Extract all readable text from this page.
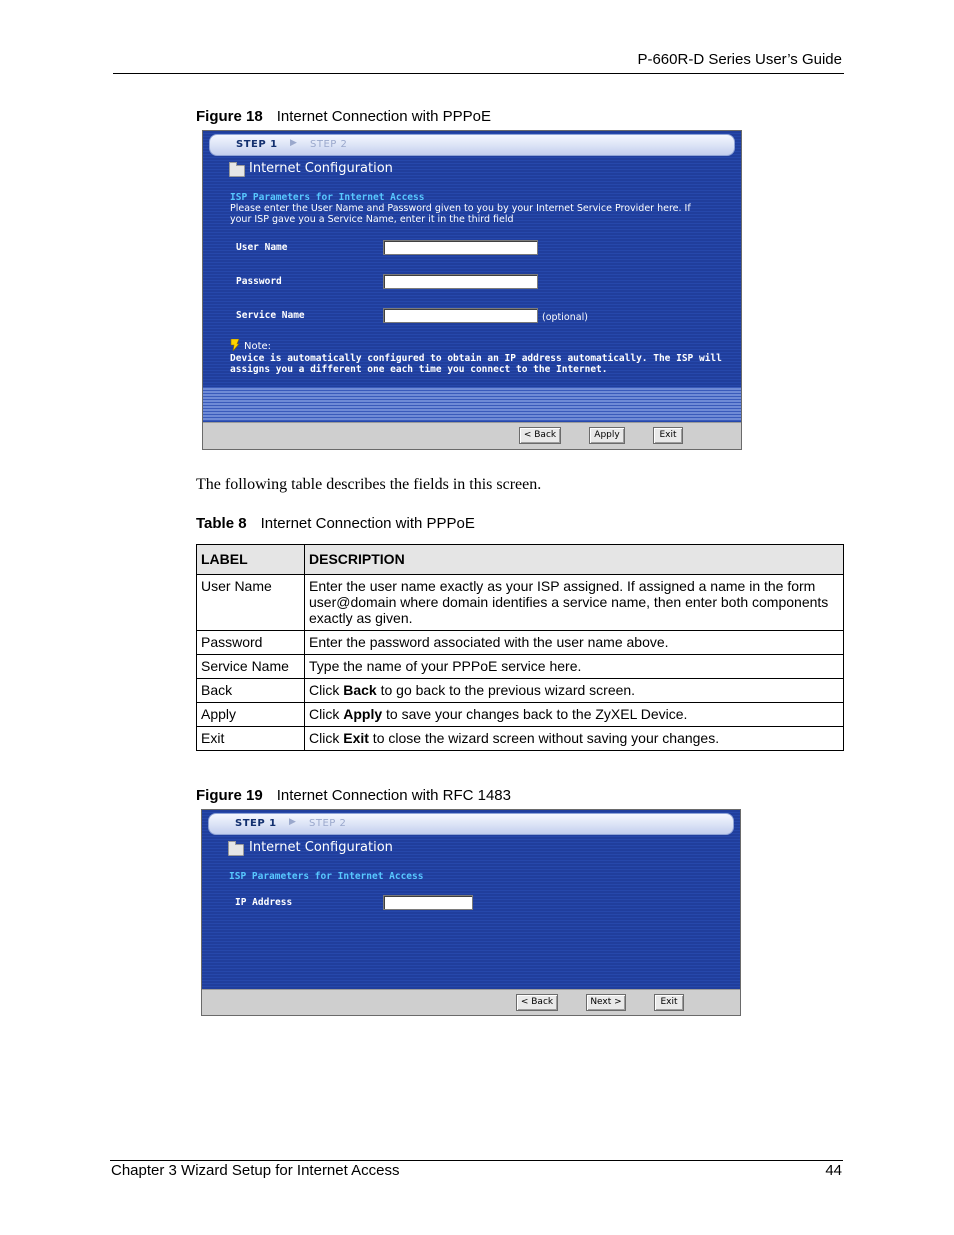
P-660R-D Series User’s Guide
Figure 18 Internet Connection with PPPoE
STEP 1 ▶ STEP 2
Internet Configuration
ISP Parameters for Internet Access
Please enter the User Name and Password given to you by your Internet Service Provider here. If
your ISP gave you a Service Name, enter it in the third field
User Name
Password
Service Name	(optional)
Note:
Device is automatically configured to obtain an IP address automatically. The ISP will
assigns you a different one each time you connect to the Internet.
< Back	Apply	Exit
The following table describes the fields in this screen.
Table 8 Internet Connection with PPPoE
LABEL	DESCRIPTION
User Name	Enter the user name exactly as your ISP assigned. If assigned a name in the form user@domain where domain identifies a service name, then enter both components exactly as given.
Password	Enter the password associated with the user name above.
Service Name	Type the name of your PPPoE service here.
Back	Click Back to go back to the previous wizard screen.
Apply	Click Apply to save your changes back to the ZyXEL Device.
Exit	Click Exit to close the wizard screen without saving your changes.
Figure 19 Internet Connection with RFC 1483
STEP 1 ▶ STEP 2
Internet Configuration
ISP Parameters for Internet Access
IP Address
< Back	Next >	Exit
Chapter 3 Wizard Setup for Internet Access	44
